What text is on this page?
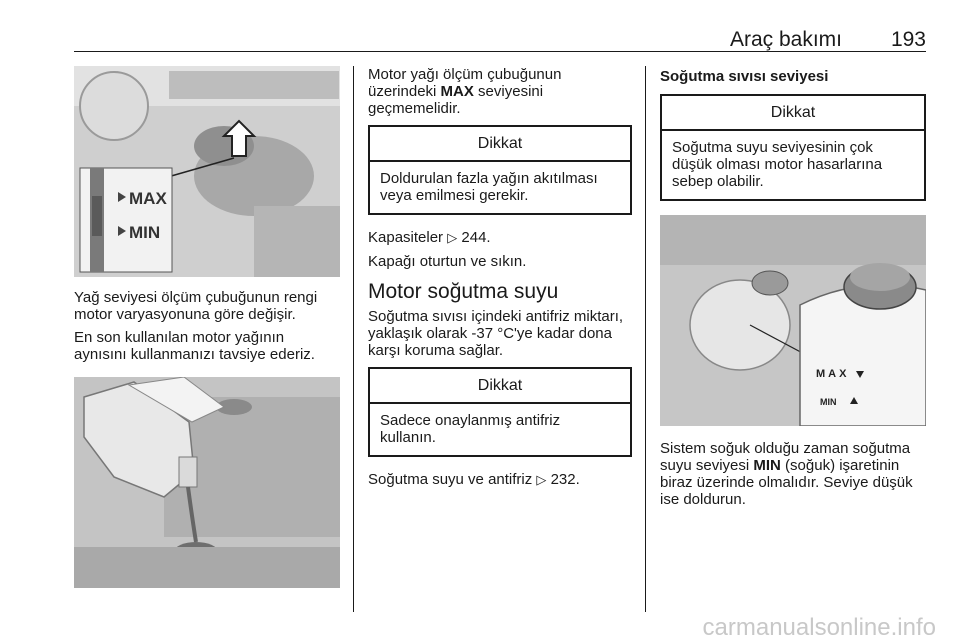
Araç bakımı 193
MAX
MIN

Yağ seviyesi ölçüm çubuğunun rengi motor varyasyonuna göre değişir.

En son kullanılan motor yağının aynısını kullanmanızı tavsiye ederiz.

Motor yağı ölçüm çubuğunun üzerindeki MAX seviyesini geçmemelidir.

Dikkat
Doldurulan fazla yağın akıtılması veya emilmesi gerekir.

Kapasiteler ▷ 244.

Kapağı oturtun ve sıkın.

Motor soğutma suyu

Soğutma sıvısı içindeki antifriz miktarı, yaklaşık olarak -37 °C'ye kadar dona karşı koruma sağlar.

Dikkat
Sadece onaylanmış antifriz kullanın.

Soğutma suyu ve antifriz ▷ 232.

Soğutma sıvısı seviyesi
Dikkat
Soğutma suyu seviyesinin çok düşük olması motor hasarlarına sebep olabilir.
MAX
MIN

Sistem soğuk olduğu zaman soğutma suyu seviyesi MIN (soğuk) işaretinin biraz üzerinde olmalıdır. Seviye düşük ise doldurun.

carmanualsonline.info
